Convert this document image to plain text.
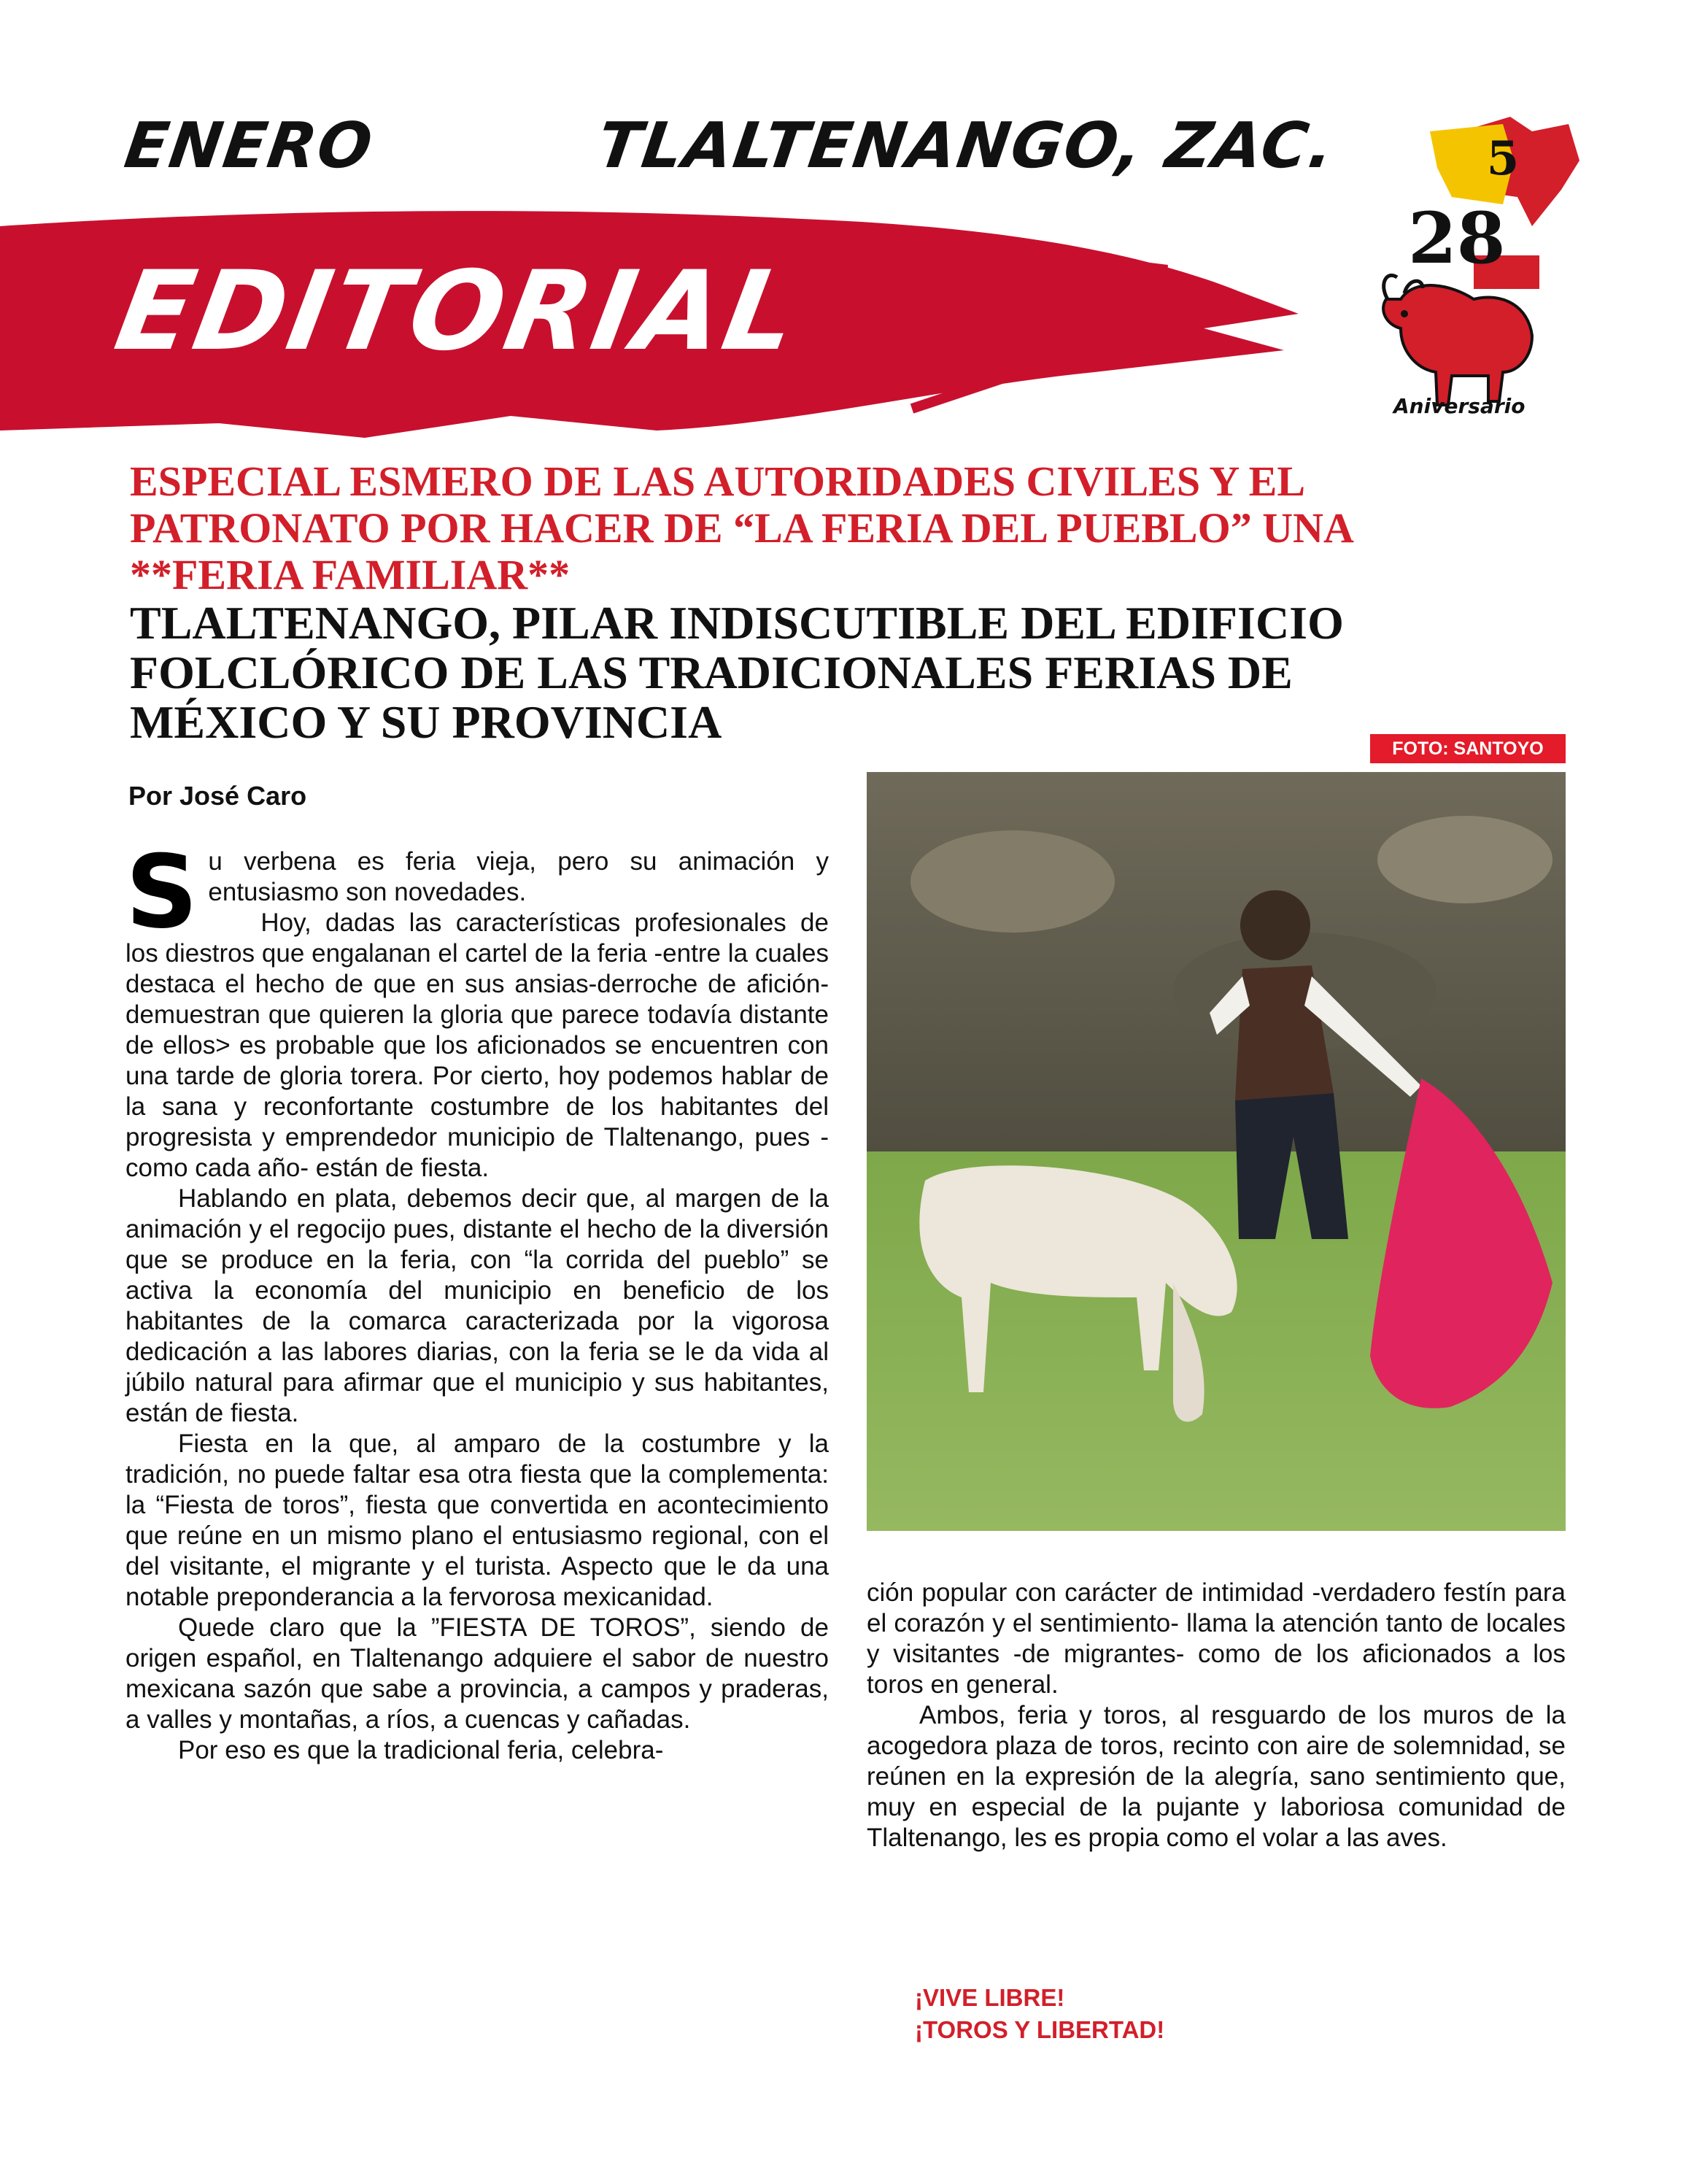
ENERO	TLALTENANGO, ZAC.	5
EDITORIAL
28
Aniversario
ESPECIAL ESMERO DE LAS AUTORIDADES CIVILES Y EL PATRONATO POR HACER DE “LA FERIA DEL PUEBLO” UNA **FERIA FAMILIAR**
TLALTENANGO, PILAR INDISCUTIBLE DEL EDIFICIO FOLCLÓRICO DE LAS TRADICIONALES FERIAS DE MÉXICO Y SU PROVINCIA
FOTO: SANTOYO
Por José Caro

Su verbena es feria vieja, pero su animación y entusiasmo son novedades.

Hoy, dadas las características profesionales de los diestros que engalanan el cartel de la feria -entre la cuales destaca el hecho de que en sus ansias-derroche de afición- demuestran que quieren la gloria que parece todavía distante de ellos> es probable que los aficionados se encuentren con una tarde de gloria torera. Por cierto, hoy podemos hablar de la sana y reconfortante costumbre de los habitantes del progresista y emprendedor municipio de Tlaltenango, pues -como cada año- están de fiesta.

Hablando en plata, debemos decir que, al margen de la animación y el regocijo pues, distante el hecho de la diversión que se produce en la feria, con “la corrida del pueblo” se activa la economía del municipio en beneficio de los habitantes de la comarca caracterizada por la vigorosa dedicación a las labores diarias, con la feria se le da vida al júbilo natural para afirmar que el municipio y sus habitantes, están de fiesta.

Fiesta en la que, al amparo de la costumbre y la tradición, no puede faltar esa otra fiesta que la complementa: la “Fiesta de toros”, fiesta que convertida en acontecimiento que reúne en un mismo plano el entusiasmo regional, con el del visitante, el migrante y el turista. Aspecto que le da una notable preponderancia a la fervorosa mexicanidad.

Quede claro que la ”FIESTA DE TOROS”, siendo de origen español, en Tlaltenango adquiere el sabor de nuestro mexicana sazón que sabe a provincia, a campos y praderas, a valles y montañas, a ríos, a cuencas y cañadas.

Por eso es que la tradicional feria, celebra-

ción popular con carácter de intimidad -verdadero festín para el corazón y el sentimiento- llama la atención tanto de locales y visitantes -de migrantes- como de los aficionados a los toros en general.

Ambos, feria y toros, al resguardo de los muros de la acogedora plaza de toros, recinto con aire de solemnidad, se reúnen en la expresión de la alegría, sano sentimiento que, muy en especial de la pujante y laboriosa comunidad de Tlaltenango, les es propia como el volar a las aves.

¡VIVE LIBRE!
¡TOROS Y LIBERTAD!
